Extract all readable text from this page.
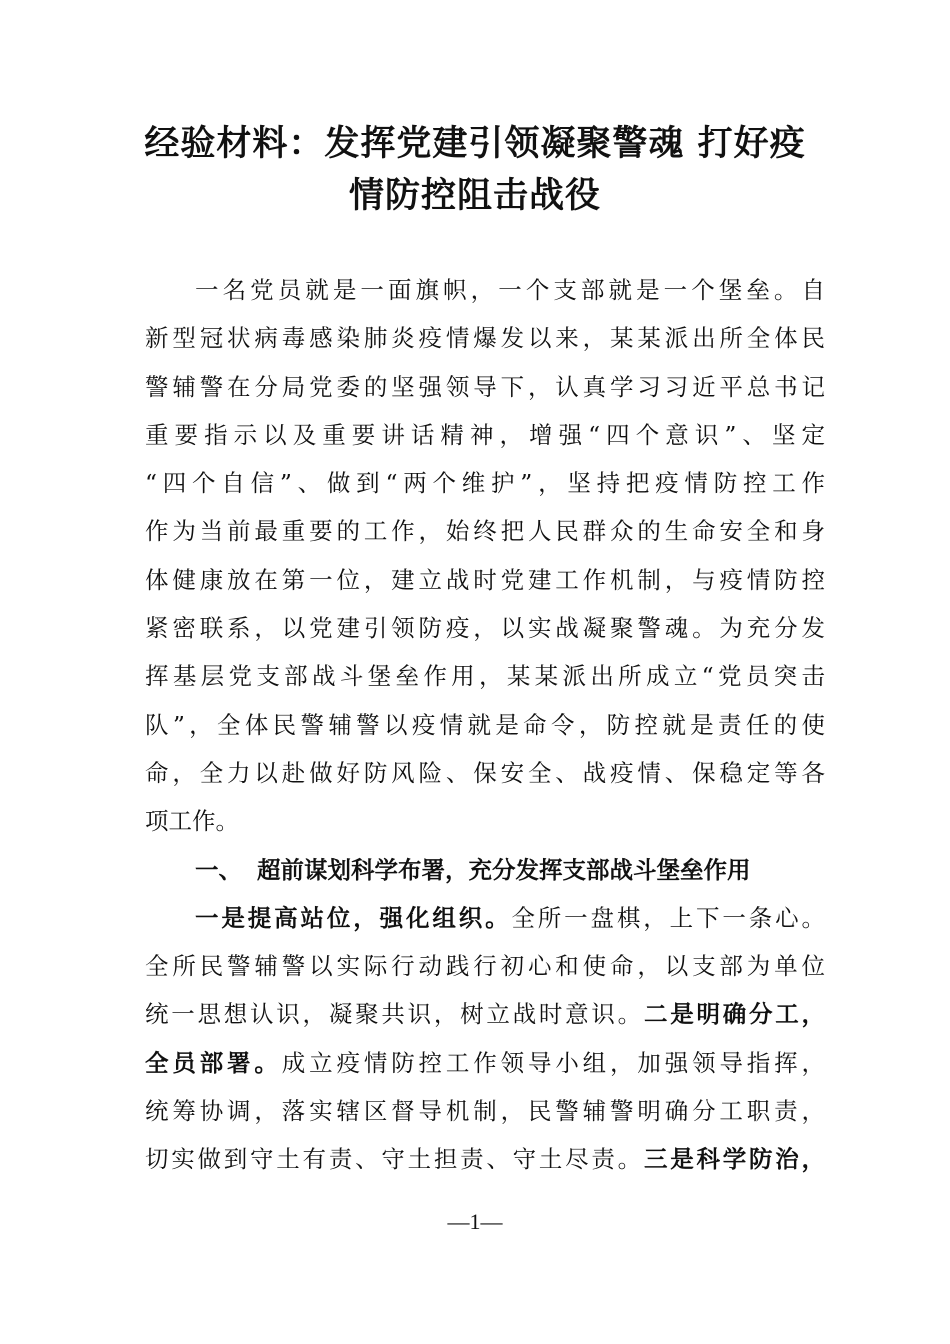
经验材料：发挥党建引领凝聚警魂 打好疫
情防控阻击战役
一名党员就是一面旗帜，一个支部就是一个堡垒。自
新型冠状病毒感染肺炎疫情爆发以来，某某派出所全体民
警辅警在分局党委的坚强领导下，认真学习习近平总书记
重要指示以及重要讲话精神，增强“四个意识”、坚定
“四个自信”、做到“两个维护”，坚持把疫情防控工作
作为当前最重要的工作，始终把人民群众的生命安全和身
体健康放在第一位，建立战时党建工作机制，与疫情防控
紧密联系，以党建引领防疫，以实战凝聚警魂。为充分发
挥基层党支部战斗堡垒作用，某某派出所成立“党员突击
队”，全体民警辅警以疫情就是命令，防控就是责任的使
命，全力以赴做好防风险、保安全、战疫情、保稳定等各
项工作。
一、 超前谋划科学布署，充分发挥支部战斗堡垒作用
一是提高站位，强化组织。全所一盘棋，上下一条心。
全所民警辅警以实际行动践行初心和使命，以支部为单位
统一思想认识，凝聚共识，树立战时意识。二是明确分工，
全员部署。成立疫情防控工作领导小组，加强领导指挥，
统筹协调，落实辖区督导机制，民警辅警明确分工职责，
切实做到守土有责、守土担责、守土尽责。三是科学防治，
—1—
